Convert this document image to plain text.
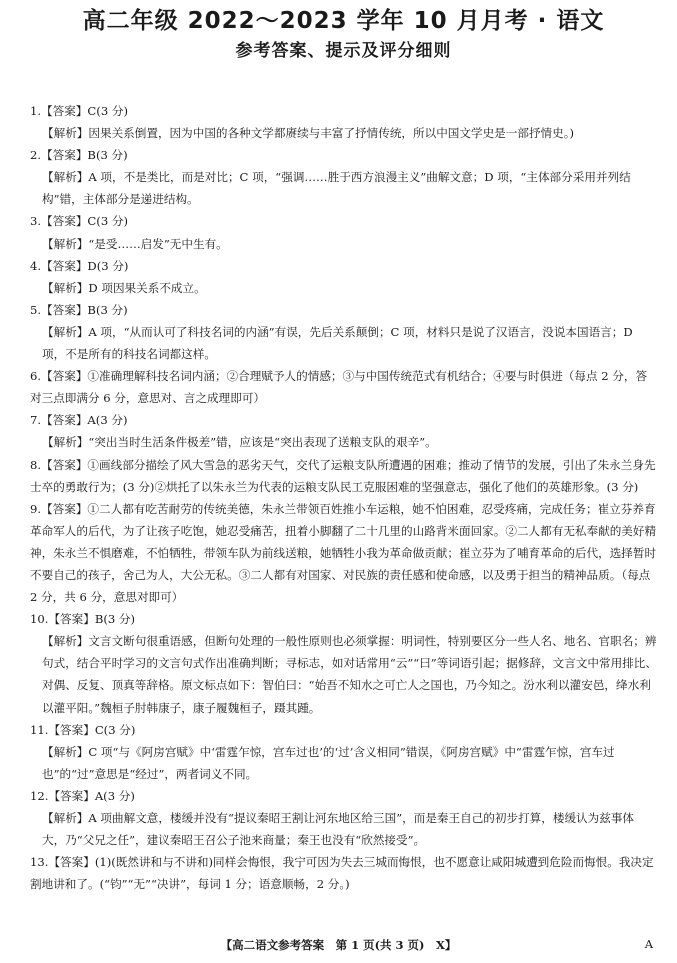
高二年级 2022～2023 学年 10 月月考 · 语文
参考答案、提示及评分细则

1.【答案】C(3 分)

【解析】因果关系倒置，因为中国的各种文学都赓续与丰富了抒情传统，所以中国文学史是一部抒情史。)

2.【答案】B(3 分)

【解析】A 项，不是类比，而是对比；C 项，“强调……胜于西方浪漫主义”曲解文意；D 项，“主体部分采用并列结构”错，主体部分是递进结构。

3.【答案】C(3 分)

【解析】“是受……启发”无中生有。

4.【答案】D(3 分)

【解析】D 项因果关系不成立。

5.【答案】B(3 分)

【解析】A 项，“从而认可了科技名词的内涵”有误，先后关系颠倒；C 项，材料只是说了汉语言，没说本国语言；D 项，不是所有的科技名词都这样。

6.【答案】①准确理解科技名词内涵；②合理赋予人的情感；③与中国传统范式有机结合；④要与时俱进（每点 2 分，答对三点即满分 6 分，意思对、言之成理即可）

7.【答案】A(3 分)

【解析】“突出当时生活条件极差”错，应该是“突出表现了送粮支队的艰辛”。

8.【答案】①画线部分描绘了风大雪急的恶劣天气，交代了运粮支队所遭遇的困难；推动了情节的发展，引出了朱永兰身先士卒的勇敢行为；(3 分)②烘托了以朱永兰为代表的运粮支队民工克服困难的坚强意志，强化了他们的英雄形象。(3 分)

9.【答案】①二人都有吃苦耐劳的传统美德，朱永兰带领百姓推小车运粮，她不怕困难，忍受疼痛，完成任务；崔立芬养育革命军人的后代，为了让孩子吃饱，她忍受痛苦，扭着小脚翻了二十几里的山路背米面回家。②二人都有无私奉献的美好精神，朱永兰不惧磨难，不怕牺牲，带领车队为前线送粮，她牺牲小我为革命做贡献；崔立芬为了哺育革命的后代，选择暂时不要自己的孩子，舍己为人，大公无私。③二人都有对国家、对民族的责任感和使命感，以及勇于担当的精神品质。（每点 2 分，共 6 分，意思对即可）

10.【答案】B(3 分)

【解析】文言文断句很重语感，但断句处理的一般性原则也必须掌握：明词性，特别要区分一些人名、地名、官职名；辨句式，结合平时学习的文言句式作出准确判断；寻标志，如对话常用“云”“曰”等词语引起；据修辞，文言文中常用排比、对偶、反复、顶真等辞格。原文标点如下：智伯曰：“始吾不知水之可亡人之国也，乃今知之。汾水利以灌安邑，绛水利以灌平阳。”魏桓子肘韩康子，康子履魏桓子，蹑其踵。

11.【答案】C(3 分)

【解析】C 项“与《阿房宫赋》中‘雷霆乍惊，宫车过也’的‘过’含义相同”错误，《阿房宫赋》中“雷霆乍惊，宫车过也”的“过”意思是“经过”，两者词义不同。

12.【答案】A(3 分)

【解析】A 项曲解文意，楼缓并没有“提议秦昭王割让河东地区给三国”，而是秦王自己的初步打算，楼缓认为兹事体大，乃“父兄之任”，建议秦昭王召公子池来商量；秦王也没有“欣然接受”。

13.【答案】(1)(既然讲和与不讲和)同样会悔恨，我宁可因为失去三城而悔恨，也不愿意让咸阳城遭到危险而悔恨。我决定割地讲和了。(“钧”“无”“决讲”，每词 1 分；语意顺畅，2 分。)

【高二语文参考答案　第 1 页(共 3 页)　X】	A
